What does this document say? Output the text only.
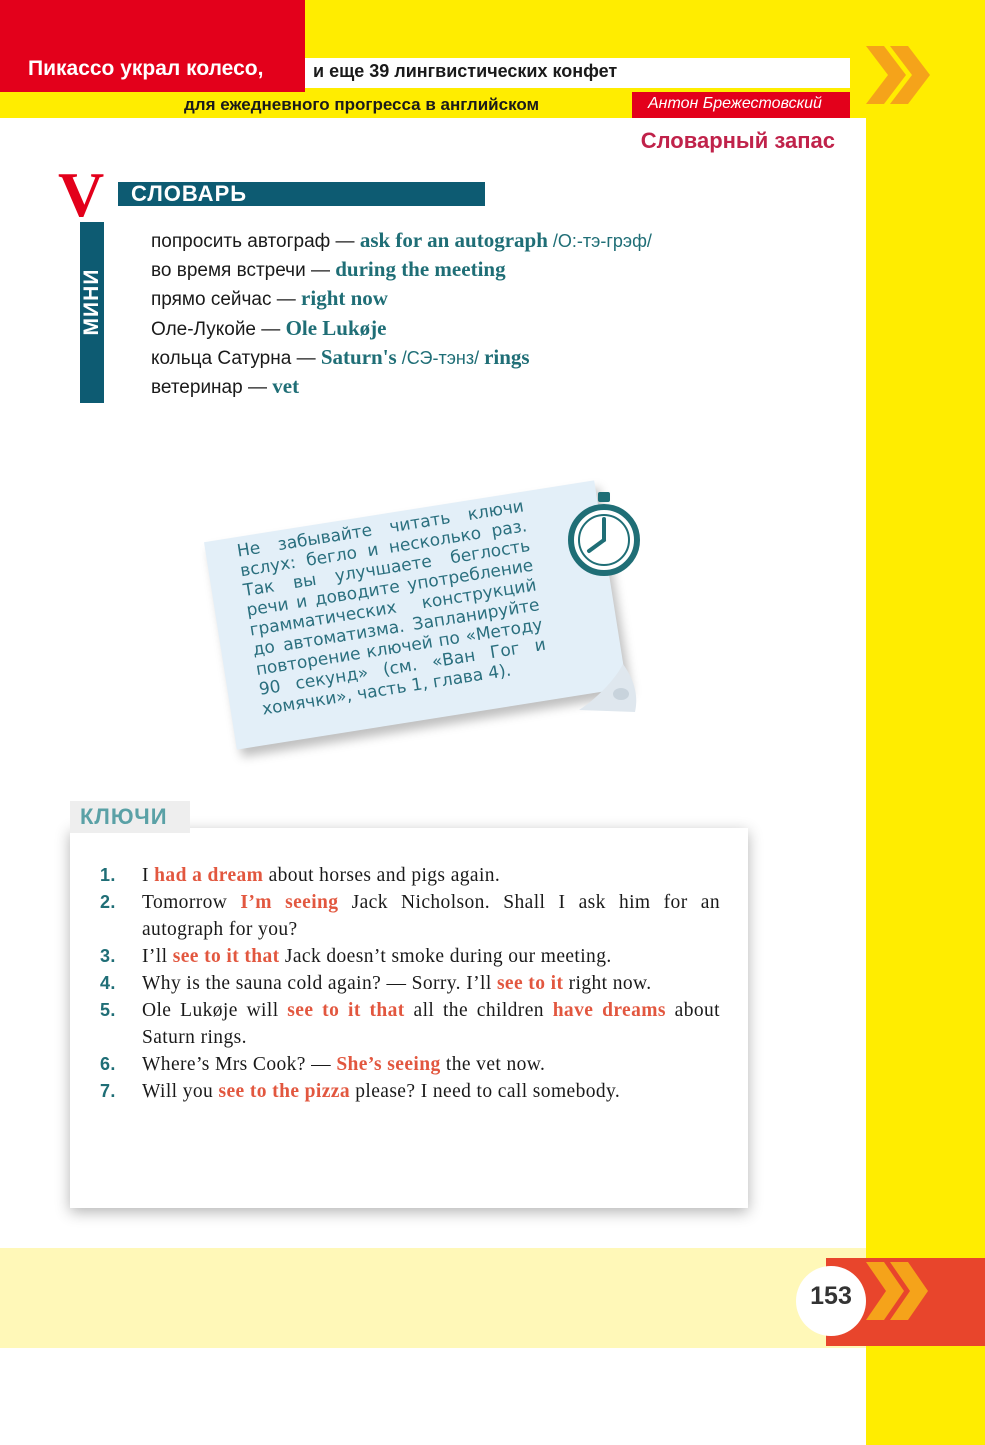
Пикассо украл колесо,	и еще 39 лингвистических конфет
для ежедневного прогресса в английском	Антон Брежестовский
Словарный запас
V
МИНИ
СЛОВАРЬ
попросить автограф — ask for an autograph /О:-тэ-грэф/
во время встречи — during the meeting
прямо сейчас — right now
Оле-Лукойе — Ole Lukøje
кольца Сатурна — Saturn's /СЭ-тэнз/ rings
ветеринар — vet
Не забывайте читать ключи вслух: бегло и несколько раз. Так вы улучшаете беглость речи и доводите употребление грамматических конструкций до автоматизма. Запланируйте повторение ключей по «Методу 90 секунд» (см. «Ван Гог и хомячки», часть 1, глава 4).
КЛЮЧИ
1. I had a dream about horses and pigs again.
2. Tomorrow I’m seeing Jack Nicholson. Shall I ask him for an autograph for you?
3. I’ll see to it that Jack doesn’t smoke during our meeting.
4. Why is the sauna cold again? — Sorry. I’ll see to it right now.
5. Ole Lukøje will see to it that all the children have dreams about Saturn rings.
6. Where’s Mrs Cook? — She’s seeing the vet now.
7. Will you see to the pizza please? I need to call somebody.
153
